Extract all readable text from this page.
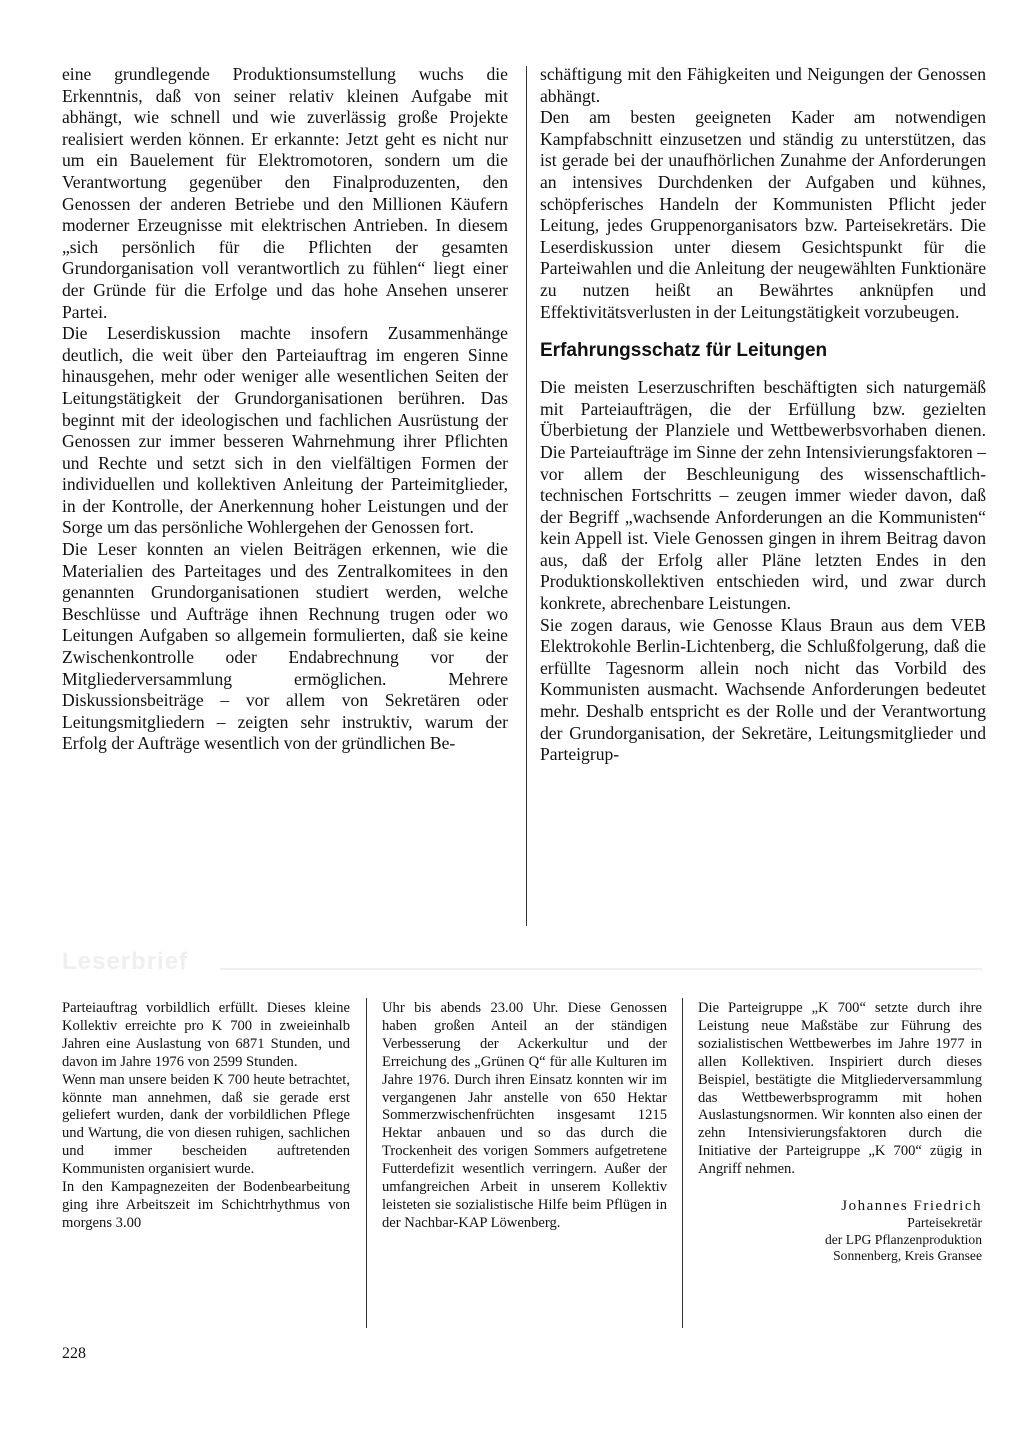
eine grundlegende Produktionsumstellung wuchs die Erkenntnis, daß von seiner relativ kleinen Aufgabe mit abhängt, wie schnell und wie zuverlässig große Projekte realisiert werden können. Er erkannte: Jetzt geht es nicht nur um ein Bauelement für Elektromotoren, sondern um die Verantwortung gegenüber den Finalproduzenten, den Genossen der anderen Betriebe und den Millionen Käufern moderner Erzeugnisse mit elektrischen Antrieben. In diesem „sich persönlich für die Pflichten der gesamten Grundorganisation voll verantwortlich zu fühlen“ liegt einer der Gründe für die Erfolge und das hohe Ansehen unserer Partei.

Die Leserdiskussion machte insofern Zusammenhänge deutlich, die weit über den Parteiauftrag im engeren Sinne hinausgehen, mehr oder weniger alle wesentlichen Seiten der Leitungstätigkeit der Grundorganisationen berühren. Das beginnt mit der ideologischen und fachlichen Ausrüstung der Genossen zur immer besseren Wahrnehmung ihrer Pflichten und Rechte und setzt sich in den vielfältigen Formen der individuellen und kollektiven Anleitung der Parteimitglieder, in der Kontrolle, der Anerkennung hoher Leistungen und der Sorge um das persönliche Wohlergehen der Genossen fort.

Die Leser konnten an vielen Beiträgen erkennen, wie die Materialien des Parteitages und des Zentralkomitees in den genannten Grundorganisationen studiert werden, welche Beschlüsse und Aufträge ihnen Rechnung trugen oder wo Leitungen Aufgaben so allgemein formulierten, daß sie keine Zwischenkontrolle oder Endabrechnung vor der Mitgliederversammlung ermöglichen. Mehrere Diskussionsbeiträge – vor allem von Sekretären oder Leitungsmitgliedern – zeigten sehr instruktiv, warum der Erfolg der Aufträge wesentlich von der gründlichen Be-

schäftigung mit den Fähigkeiten und Neigungen der Genossen abhängt.

Den am besten geeigneten Kader am notwendigen Kampfabschnitt einzusetzen und ständig zu unterstützen, das ist gerade bei der unaufhörlichen Zunahme der Anforderungen an intensives Durchdenken der Aufgaben und kühnes, schöpferisches Handeln der Kommunisten Pflicht jeder Leitung, jedes Gruppenorganisators bzw. Parteisekretärs. Die Leserdiskussion unter diesem Gesichtspunkt für die Parteiwahlen und die Anleitung der neugewählten Funktionäre zu nutzen heißt an Bewährtes anknüpfen und Effektivitätsverlusten in der Leitungstätigkeit vorzubeugen.

Erfahrungsschatz für Leitungen

Die meisten Leserzuschriften beschäftigten sich naturgemäß mit Parteiaufträgen, die der Erfüllung bzw. gezielten Überbietung der Planziele und Wettbewerbsvorhaben dienen. Die Parteiaufträge im Sinne der zehn Intensivierungsfaktoren – vor allem der Beschleunigung des wissenschaftlich-technischen Fortschritts – zeugen immer wieder davon, daß der Begriff „wachsende Anforderungen an die Kommunisten“ kein Appell ist. Viele Genossen gingen in ihrem Beitrag davon aus, daß der Erfolg aller Pläne letzten Endes in den Produktionskollektiven entschieden wird, und zwar durch konkrete, abrechenbare Leistungen.

Sie zogen daraus, wie Genosse Klaus Braun aus dem VEB Elektrokohle Berlin-Lichtenberg, die Schlußfolgerung, daß die erfüllte Tagesnorm allein noch nicht das Vorbild des Kommunisten ausmacht. Wachsende Anforderungen bedeutet mehr. Deshalb entspricht es der Rolle und der Verantwortung der Grundorganisation, der Sekretäre, Leitungsmitglieder und Parteigrup-

Leserbrief

Parteiauftrag vorbildlich erfüllt. Dieses kleine Kollektiv erreichte pro K 700 in zweieinhalb Jahren eine Auslastung von 6871 Stunden, und davon im Jahre 1976 von 2599 Stunden.

Wenn man unsere beiden K 700 heute betrachtet, könnte man annehmen, daß sie gerade erst geliefert wurden, dank der vorbildlichen Pflege und Wartung, die von diesen ruhigen, sachlichen und immer bescheiden auftretenden Kommunisten organisiert wurde.

In den Kampagnezeiten der Bodenbearbeitung ging ihre Arbeitszeit im Schichtrhythmus von morgens 3.00

Uhr bis abends 23.00 Uhr. Diese Genossen haben großen Anteil an der ständigen Verbesserung der Ackerkultur und der Erreichung des „Grünen Q“ für alle Kulturen im Jahre 1976. Durch ihren Einsatz konnten wir im vergangenen Jahr anstelle von 650 Hektar Sommerzwischenfrüchten insgesamt 1215 Hektar anbauen und so das durch die Trockenheit des vorigen Sommers aufgetretene Futterdefizit wesentlich verringern. Außer der umfangreichen Arbeit in unserem Kollektiv leisteten sie sozialistische Hilfe beim Pflügen in der Nachbar-KAP Löwenberg.

Die Parteigruppe „K 700“ setzte durch ihre Leistung neue Maßstäbe zur Führung des sozialistischen Wettbewerbes im Jahre 1977 in allen Kollektiven. Inspiriert durch dieses Beispiel, bestätigte die Mitgliederversammlung das Wettbewerbsprogramm mit hohen Auslastungsnormen. Wir konnten also einen der zehn Intensivierungsfaktoren durch die Initiative der Parteigruppe „K 700“ zügig in Angriff nehmen.

Johannes Friedrich
Parteisekretär
der LPG Pflanzenproduktion
Sonnenberg, Kreis Gransee
228
